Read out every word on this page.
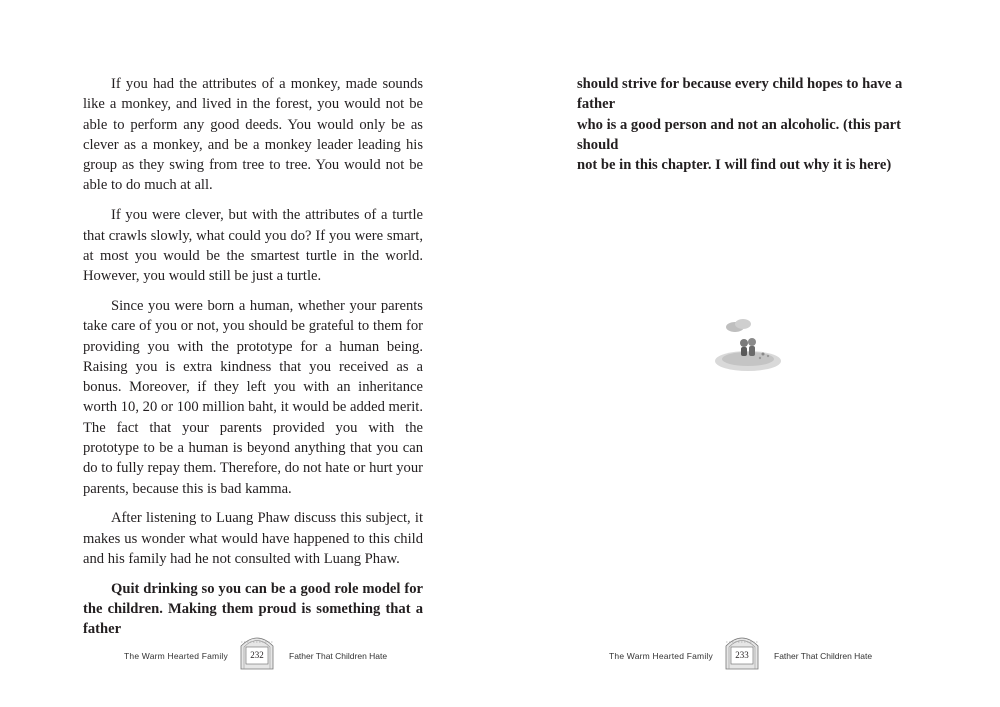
If you had the attributes of a monkey, made sounds like a monkey, and lived in the forest, you would not be able to perform any good deeds. You would only be as clever as a monkey, and be a monkey leader leading his group as they swing from tree to tree. You would not be able to do much at all.

If you were clever, but with the attributes of a turtle that crawls slowly, what could you do? If you were smart, at most you would be the smartest turtle in the world. However, you would still be just a turtle.

Since you were born a human, whether your parents take care of you or not, you should be grateful to them for providing you with the prototype for a human being. Raising you is extra kindness that you received as a bonus. Moreover, if they left you with an inheritance worth 10, 20 or 100 million baht, it would be added merit. The fact that your parents provided you with the prototype to be a human is beyond anything that you can do to fully repay them. Therefore, do not hate or hurt your parents, because this is bad kamma.

After listening to Luang Phaw discuss this subject, it makes us wonder what would have happened to this child and his family had he not consulted with Luang Phaw.

Quit drinking so you can be a good role model for the children. Making them proud is something that a father

The Warm Hearted Family	232	Father That Children Hate

should strive for because every child hopes to have a father

who is a good person and not an alcoholic. (this part should

not be in this chapter. I will find out why it is here)

The Warm Hearted Family	233	Father That Children Hate
